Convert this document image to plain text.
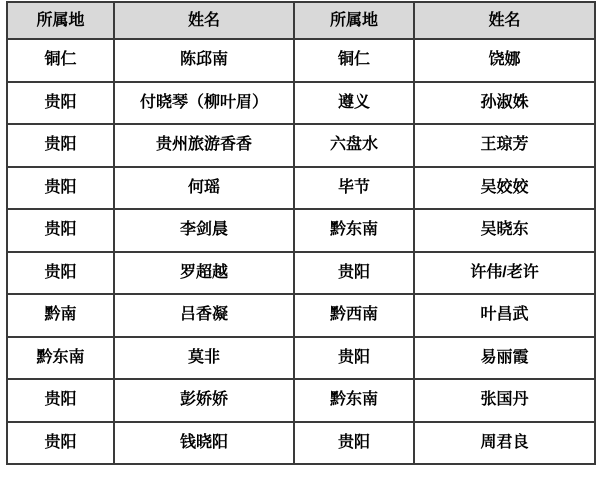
所属地	姓名	所属地	姓名
铜仁	陈邱南	铜仁	饶娜
贵阳	付晓琴（柳叶眉）	遵义	孙淑姝
贵阳	贵州旅游香香	六盘水	王琼芳
贵阳	何瑶	毕节	吴姣姣
贵阳	李剑晨	黔东南	吴晓东
贵阳	罗超越	贵阳	许伟/老许
黔南	吕香凝	黔西南	叶昌武
黔东南	莫非	贵阳	易丽霞
贵阳	彭娇娇	黔东南	张国丹
贵阳	钱晓阳	贵阳	周君良
